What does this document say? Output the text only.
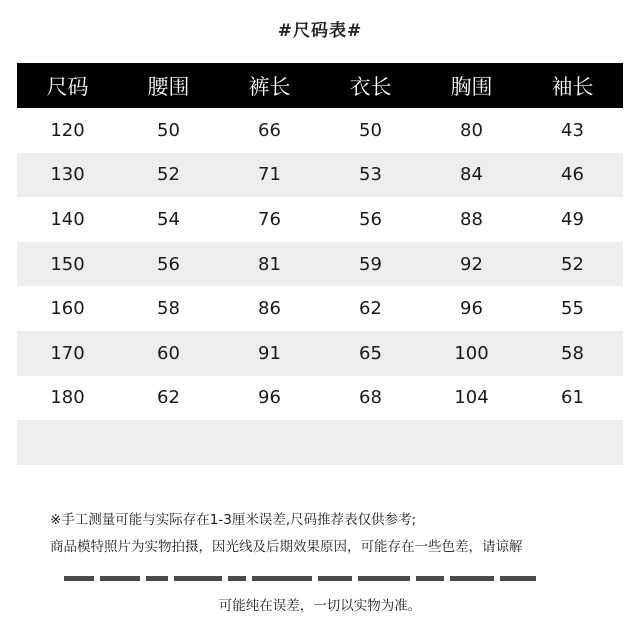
#尺码表#
尺码	腰围	裤长	衣长	胸围	袖长
120	50	66	50	80	43
130	52	71	53	84	46
140	54	76	56	88	49
150	56	81	59	92	52
160	58	86	62	96	55
170	60	91	65	100	58
180	62	96	68	104	61
※手工测量可能与实际存在1-3厘米误差,尺码推荐表仅供参考;
商品模特照片为实物拍摄，因光线及后期效果原因，可能存在一些色差，请谅解
可能纯在误差，一切以实物为准。
